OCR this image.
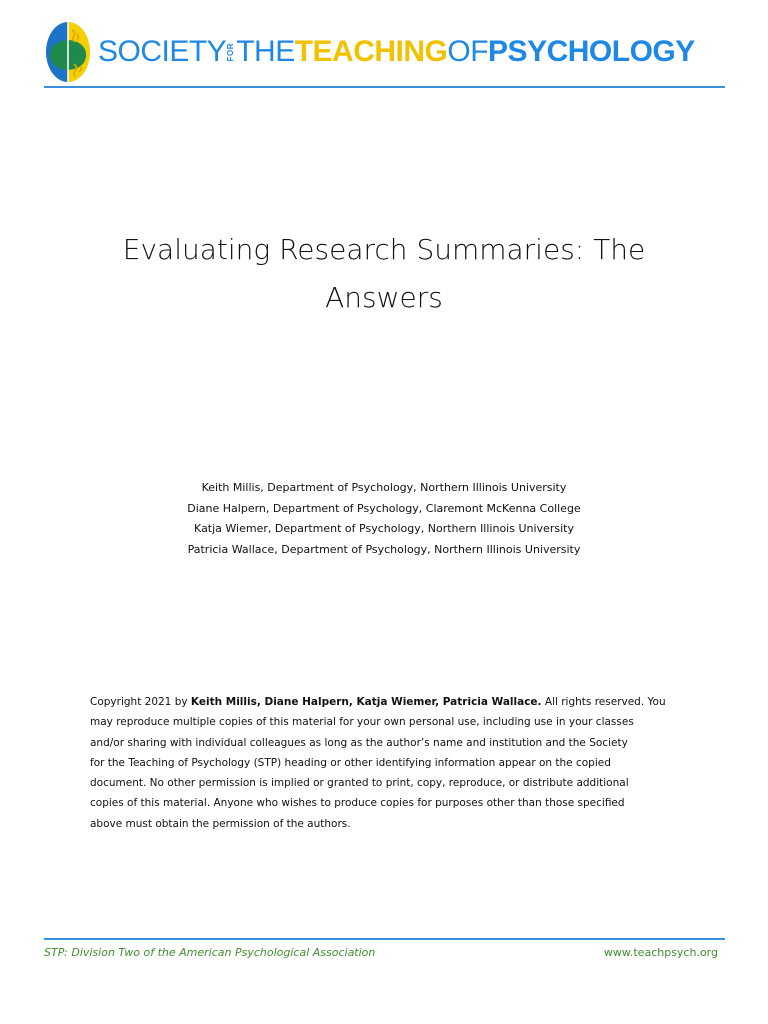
SOCIETY FOR THE TEACHING OF PSYCHOLOGY
Evaluating Research Summaries: The
Answers
Keith Millis, Department of Psychology, Northern Illinois University
Diane Halpern, Department of Psychology, Claremont McKenna College
Katja Wiemer, Department of Psychology, Northern Illinois University
Patricia Wallace, Department of Psychology, Northern Illinois University
Copyright 2021 by Keith Millis, Diane Halpern, Katja Wiemer, Patricia Wallace. All rights reserved. You
may reproduce multiple copies of this material for your own personal use, including use in your classes
and/or sharing with individual colleagues as long as the author’s name and institution and the Society
for the Teaching of Psychology (STP) heading or other identifying information appear on the copied
document. No other permission is implied or granted to print, copy, reproduce, or distribute additional
copies of this material. Anyone who wishes to produce copies for purposes other than those specified
above must obtain the permission of the authors.
STP: Division Two of the American Psychological Association	www.teachpsych.org
